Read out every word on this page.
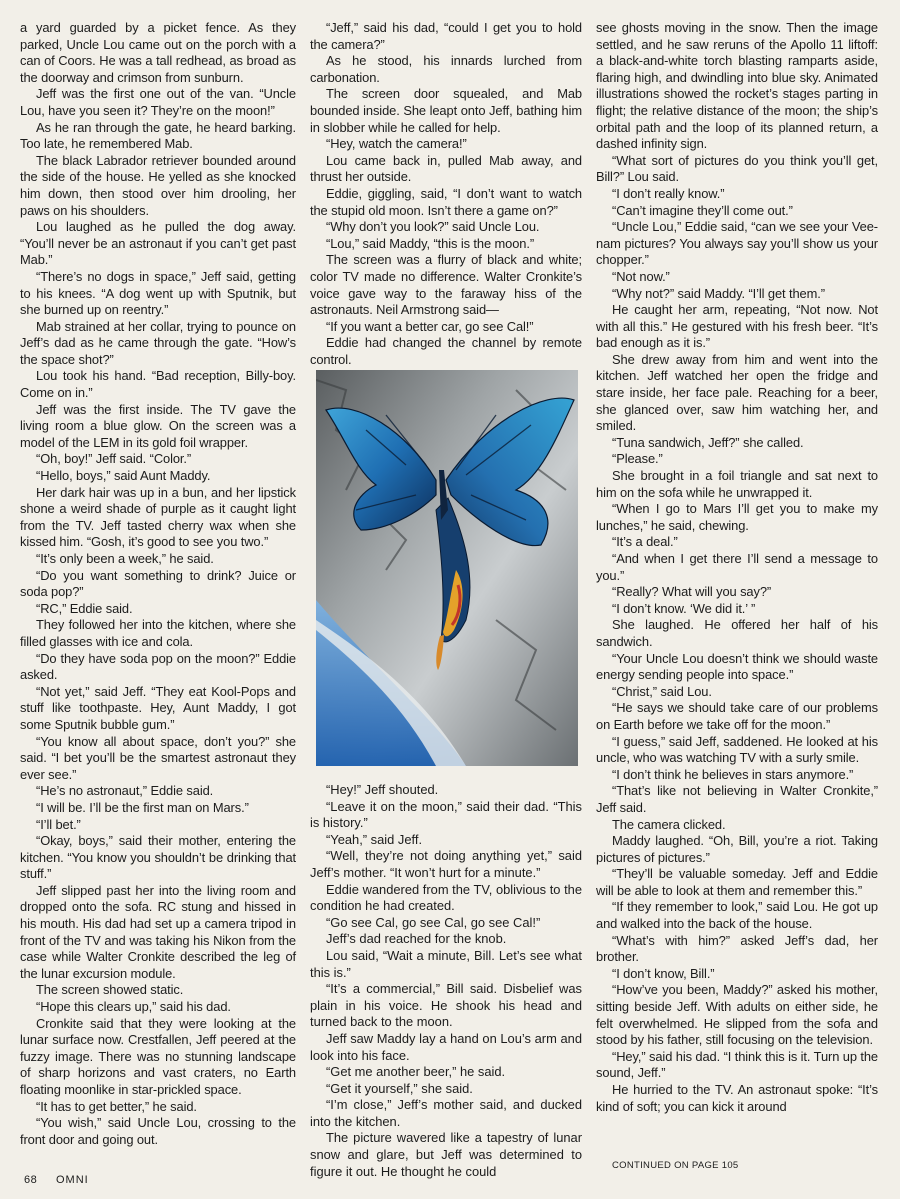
a yard guarded by a picket fence. As they parked, Uncle Lou came out on the porch with a can of Coors. He was a tall redhead, as broad as the doorway and crimson from sunburn.

Jeff was the first one out of the van. “Uncle Lou, have you seen it? They’re on the moon!”

As he ran through the gate, he heard barking. Too late, he remembered Mab.

The black Labrador retriever bounded around the side of the house. He yelled as she knocked him down, then stood over him drooling, her paws on his shoulders.

Lou laughed as he pulled the dog away. “You’ll never be an astronaut if you can’t get past Mab.”

“There’s no dogs in space,” Jeff said, getting to his knees. “A dog went up with Sputnik, but she burned up on reentry.”

Mab strained at her collar, trying to pounce on Jeff’s dad as he came through the gate. “How’s the space shot?”

Lou took his hand. “Bad reception, Billy-boy. Come on in.”

Jeff was the first inside. The TV gave the living room a blue glow. On the screen was a model of the LEM in its gold foil wrapper.

“Oh, boy!” Jeff said. “Color.”

“Hello, boys,” said Aunt Maddy.

Her dark hair was up in a bun, and her lipstick shone a weird shade of purple as it caught light from the TV. Jeff tasted cherry wax when she kissed him. “Gosh, it’s good to see you two.”

“It’s only been a week,” he said.

“Do you want something to drink? Juice or soda pop?”

“RC,” Eddie said.

They followed her into the kitchen, where she filled glasses with ice and cola.

“Do they have soda pop on the moon?” Eddie asked.

“Not yet,” said Jeff. “They eat Kool-Pops and stuff like toothpaste. Hey, Aunt Maddy, I got some Sputnik bubble gum.”

“You know all about space, don’t you?” she said. “I bet you’ll be the smartest astronaut they ever see.”

“He’s no astronaut,” Eddie said.

“I will be. I’ll be the first man on Mars.”

“I’ll bet.”

“Okay, boys,” said their mother, entering the kitchen. “You know you shouldn’t be drinking that stuff.”

Jeff slipped past her into the living room and dropped onto the sofa. RC stung and hissed in his mouth. His dad had set up a camera tripod in front of the TV and was taking his Nikon from the case while Walter Cronkite described the leg of the lunar excursion module.

The screen showed static.

“Hope this clears up,” said his dad.

Cronkite said that they were looking at the lunar surface now. Crestfallen, Jeff peered at the fuzzy image. There was no stunning landscape of sharp horizons and vast craters, no Earth floating moonlike in star-prickled space.

“It has to get better,” he said.

“You wish,” said Uncle Lou, crossing to the front door and going out.

“Jeff,” said his dad, “could I get you to hold the camera?”

As he stood, his innards lurched from carbonation.

The screen door squealed, and Mab bounded inside. She leapt onto Jeff, bathing him in slobber while he called for help.

“Hey, watch the camera!”

Lou came back in, pulled Mab away, and thrust her outside.

Eddie, giggling, said, “I don’t want to watch the stupid old moon. Isn’t there a game on?”

“Why don’t you look?” said Uncle Lou.

“Lou,” said Maddy, “this is the moon.”

The screen was a flurry of black and white; color TV made no difference. Walter Cronkite’s voice gave way to the faraway hiss of the astronauts. Neil Armstrong said—

“If you want a better car, go see Cal!”

Eddie had changed the channel by remote control.

“Hey!” Jeff shouted.

“Leave it on the moon,” said their dad. “This is history.”

“Yeah,” said Jeff.

“Well, they’re not doing anything yet,” said Jeff’s mother. “It won’t hurt for a minute.”

Eddie wandered from the TV, oblivious to the condition he had created.

“Go see Cal, go see Cal, go see Cal!”

Jeff’s dad reached for the knob.

Lou said, “Wait a minute, Bill. Let’s see what this is.”

“It’s a commercial,” Bill said. Disbelief was plain in his voice. He shook his head and turned back to the moon.

Jeff saw Maddy lay a hand on Lou’s arm and look into his face.

“Get me another beer,” he said.

“Get it yourself,” she said.

“I’m close,” Jeff’s mother said, and ducked into the kitchen.

The picture wavered like a tapestry of lunar snow and glare, but Jeff was determined to figure it out. He thought he could

see ghosts moving in the snow. Then the image settled, and he saw reruns of the Apollo 11 liftoff: a black-and-white torch blasting ramparts aside, flaring high, and dwindling into blue sky. Animated illustrations showed the rocket’s stages parting in flight; the relative distance of the moon; the ship’s orbital path and the loop of its planned return, a dashed infinity sign.

“What sort of pictures do you think you’ll get, Bill?” Lou said.

“I don’t really know.”

“Can’t imagine they’ll come out.”

“Uncle Lou,” Eddie said, “can we see your Vee-nam pictures? You always say you’ll show us your chopper.”

“Not now.”

“Why not?” said Maddy. “I’ll get them.”

He caught her arm, repeating, “Not now. Not with all this.” He gestured with his fresh beer. “It’s bad enough as it is.”

She drew away from him and went into the kitchen. Jeff watched her open the fridge and stare inside, her face pale. Reaching for a beer, she glanced over, saw him watching her, and smiled.

“Tuna sandwich, Jeff?” she called.

“Please.”

She brought in a foil triangle and sat next to him on the sofa while he unwrapped it.

“When I go to Mars I’ll get you to make my lunches,” he said, chewing.

“It’s a deal.”

“And when I get there I’ll send a message to you.”

“Really? What will you say?”

“I don’t know. ‘We did it.’ ”

She laughed. He offered her half of his sandwich.

“Your Uncle Lou doesn’t think we should waste energy sending people into space.”

“Christ,” said Lou.

“He says we should take care of our problems on Earth before we take off for the moon.”

“I guess,” said Jeff, saddened. He looked at his uncle, who was watching TV with a surly smile.

“I don’t think he believes in stars anymore.”

“That’s like not believing in Walter Cronkite,” Jeff said.

The camera clicked.

Maddy laughed. “Oh, Bill, you’re a riot. Taking pictures of pictures.”

“They’ll be valuable someday. Jeff and Eddie will be able to look at them and remember this.”

“If they remember to look,” said Lou. He got up and walked into the back of the house.

“What’s with him?” asked Jeff’s dad, her brother.

“I don’t know, Bill.”

“How’ve you been, Maddy?” asked his mother, sitting beside Jeff. With adults on either side, he felt overwhelmed. He slipped from the sofa and stood by his father, still focusing on the television.

“Hey,” said his dad. “I think this is it. Turn up the sound, Jeff.”

He hurried to the TV. An astronaut spoke: “It’s kind of soft; you can kick it around

68 OMNI
CONTINUED ON PAGE 105
